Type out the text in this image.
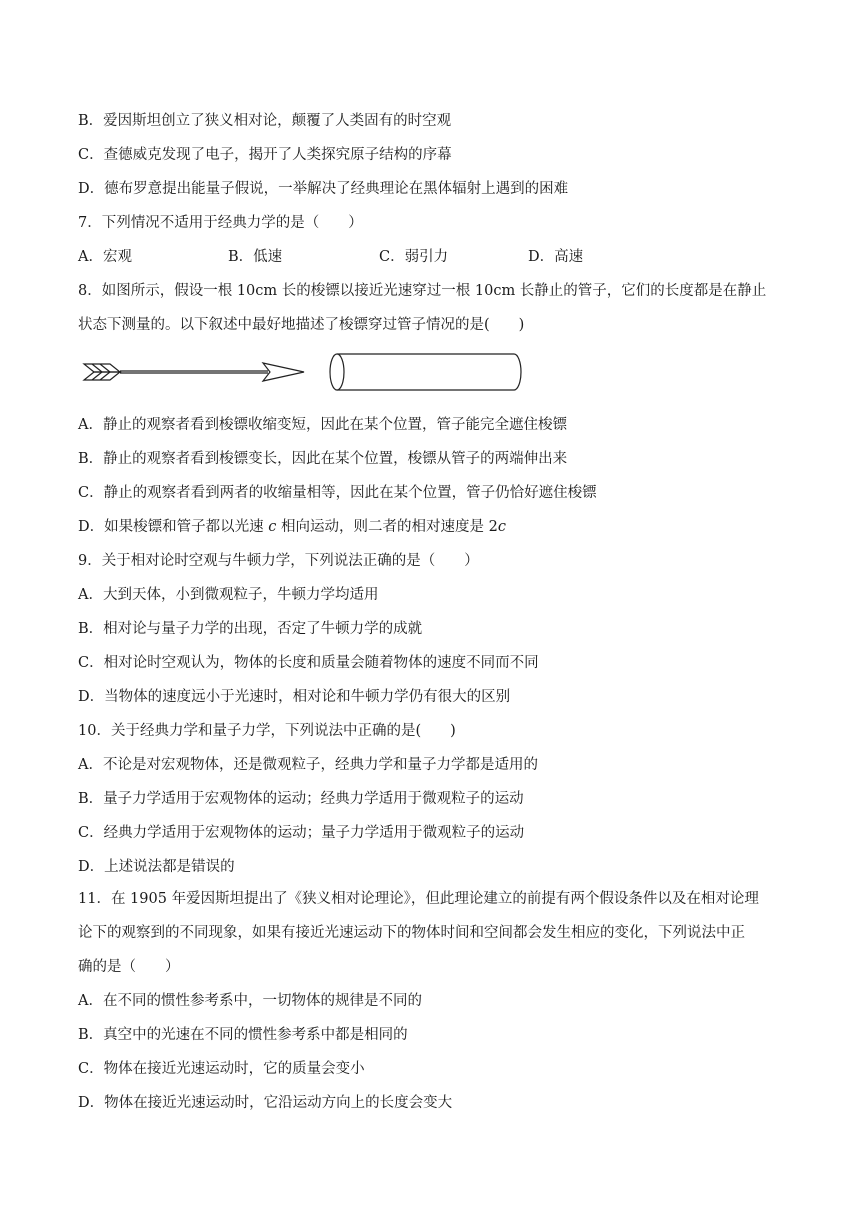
B．爱因斯坦创立了狭义相对论，颠覆了人类固有的时空观
C．查德威克发现了电子，揭开了人类探究原子结构的序幕
D．德布罗意提出能量子假说，一举解决了经典理论在黑体辐射上遇到的困难
7．下列情况不适用于经典力学的是（　　）
A．宏观	B．低速	C．弱引力	D．高速
8．如图所示，假设一根 10cm 长的梭镖以接近光速穿过一根 10cm 长静止的管子，它们的长度都是在静止
状态下测量的。以下叙述中最好地描述了梭镖穿过管子情况的是(　　)
A．静止的观察者看到梭镖收缩变短，因此在某个位置，管子能完全遮住梭镖
B．静止的观察者看到梭镖变长，因此在某个位置，梭镖从管子的两端伸出来
C．静止的观察者看到两者的收缩量相等，因此在某个位置，管子仍恰好遮住梭镖
D．如果梭镖和管子都以光速 c 相向运动，则二者的相对速度是 2c
9．关于相对论时空观与牛顿力学，下列说法正确的是（　　）
A．大到天体，小到微观粒子，牛顿力学均适用
B．相对论与量子力学的出现，否定了牛顿力学的成就
C．相对论时空观认为，物体的长度和质量会随着物体的速度不同而不同
D．当物体的速度远小于光速时，相对论和牛顿力学仍有很大的区别
10．关于经典力学和量子力学，下列说法中正确的是(　　)
A．不论是对宏观物体，还是微观粒子，经典力学和量子力学都是适用的
B．量子力学适用于宏观物体的运动；经典力学适用于微观粒子的运动
C．经典力学适用于宏观物体的运动；量子力学适用于微观粒子的运动
D．上述说法都是错误的
11．在 1905 年爱因斯坦提出了《狭义相对论理论》，但此理论建立的前提有两个假设条件以及在相对论理
论下的观察到的不同现象，如果有接近光速运动下的物体时间和空间都会发生相应的变化，下列说法中正
确的是（　　）
A．在不同的惯性参考系中，一切物体的规律是不同的
B．真空中的光速在不同的惯性参考系中都是相同的
C．物体在接近光速运动时，它的质量会变小
D．物体在接近光速运动时，它沿运动方向上的长度会变大
